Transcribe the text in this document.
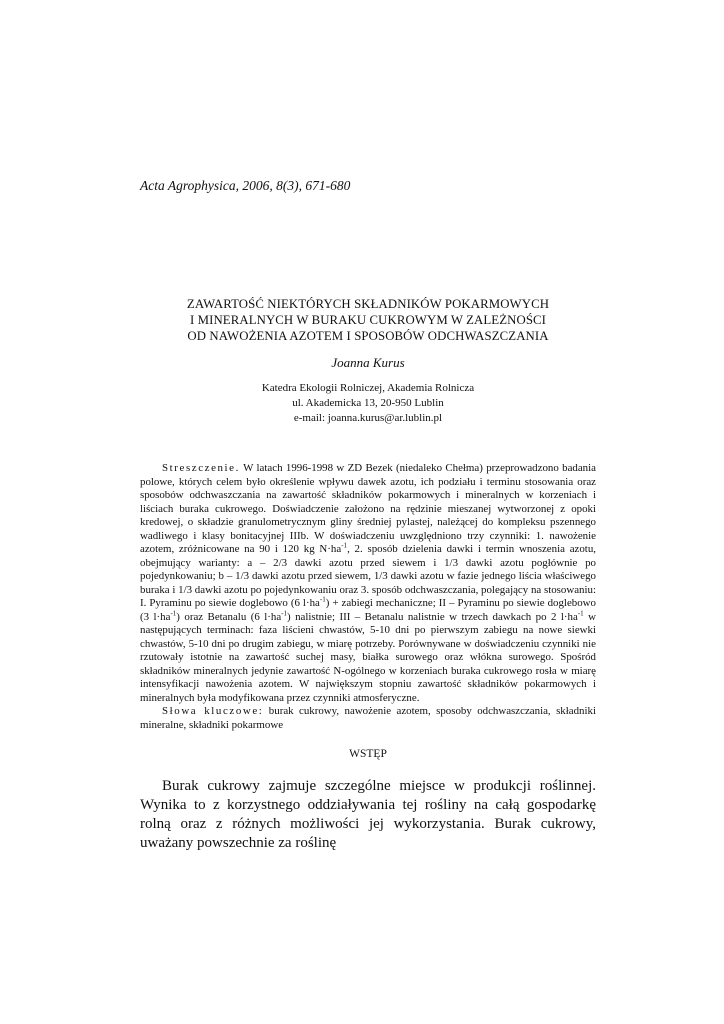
Acta Agrophysica, 2006, 8(3), 671-680
ZAWARTOŚĆ NIEKTÓRYCH SKŁADNIKÓW POKARMOWYCH
I MINERALNYCH W BURAKU CUKROWYM W ZALEŻNOŚCI
OD NAWOŻENIA AZOTEM I SPOSOBÓW ODCHWASZCZANIA
Joanna Kurus
Katedra Ekologii Rolniczej, Akademia Rolnicza
ul. Akademicka 13, 20-950 Lublin
e-mail: joanna.kurus@ar.lublin.pl

Streszczenie. W latach 1996-1998 w ZD Bezek (niedaleko Chełma) przeprowadzono badania polowe, których celem było określenie wpływu dawek azotu, ich podziału i terminu stosowania oraz sposobów odchwaszczania na zawartość składników pokarmowych i mineralnych w korzeniach i liściach buraka cukrowego. Doświadczenie założono na rędzinie mieszanej wytworzonej z opoki kredowej, o składzie granulometrycznym gliny średniej pylastej, należącej do kompleksu pszennego wadliwego i klasy bonitacyjnej IIIb. W doświadczeniu uwzględniono trzy czynniki: 1. nawożenie azotem, zróżnicowane na 90 i 120 kg $N\cdot ha^{-1}$, 2. sposób dzielenia dawki i termin wnoszenia azotu, obejmujący warianty: a – 2/3 dawki azotu przed siewem i 1/3 dawki azotu pogłównie po pojedynkowaniu; b – 1/3 dawki azotu przed siewem, 1/3 dawki azotu w fazie jednego liścia właściwego buraka i 1/3 dawki azotu po pojedynkowaniu oraz 3. sposób odchwaszczania, polegający na stosowaniu: I. Pyraminu po siewie doglebowo (6 $l\cdot ha^{-1}$) + zabiegi mechaniczne; II – Pyraminu po siewie doglebowo (3 $l\cdot ha^{-1}$) oraz Betanalu (6 $l\cdot ha^{-1}$) nalistnie; III – Betanalu nalistnie w trzech dawkach po 2 $l\cdot ha^{-1}$ w następujących terminach: faza liścieni chwastów, 5-10 dni po pierwszym zabiegu na nowe siewki chwastów, 5-10 dni po drugim zabiegu, w miarę potrzeby. Porównywane w doświadczeniu czynniki nie rzutowały istotnie na zawartość suchej masy, białka surowego oraz włókna surowego. Spośród składników mineralnych jedynie zawartość N-ogólnego w korzeniach buraka cukrowego rosła w miarę intensyfikacji nawożenia azotem. W największym stopniu zawartość składników pokarmowych i mineralnych była modyfikowana przez czynniki atmosferyczne.

Słowa kluczowe: burak cukrowy, nawożenie azotem, sposoby odchwaszczania, składniki mineralne, składniki pokarmowe

WSTĘP

Burak cukrowy zajmuje szczególne miejsce w produkcji roślinnej. Wynika to z korzystnego oddziaływania tej rośliny na całą gospodarkę rolną oraz z różnych możliwości jej wykorzystania. Burak cukrowy, uważany powszechnie za roślinę
